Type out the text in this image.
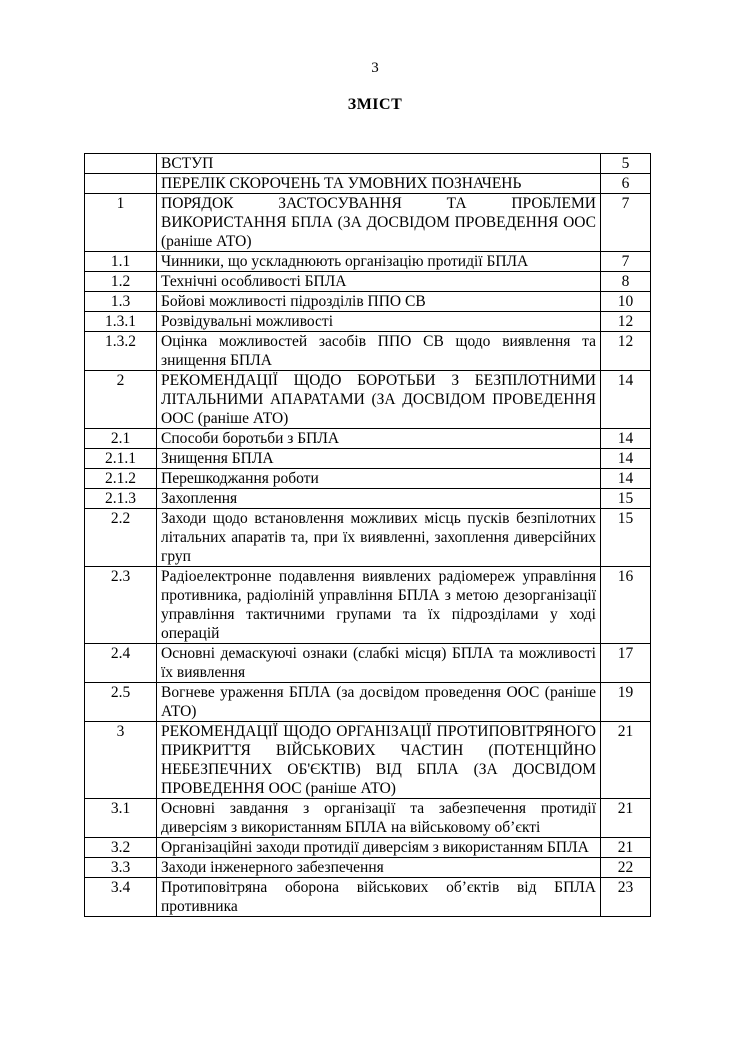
3
ЗМІСТ
	ВСТУП	5
	ПЕРЕЛІК СКОРОЧЕНЬ ТА УМОВНИХ ПОЗНАЧЕНЬ	6
1	ПОРЯДОК ЗАСТОСУВАННЯ ТА ПРОБЛЕМИ ВИКОРИСТАННЯ БПЛА (ЗА ДОСВІДОМ ПРОВЕДЕННЯ ООС (раніше АТО)	7
1.1	Чинники, що ускладнюють організацію протидії БПЛА	7
1.2	Технічні особливості БПЛА	8
1.3	Бойові можливості підрозділів ППО СВ	10
1.3.1	Розвідувальні можливості	12
1.3.2	Оцінка можливостей засобів ППО СВ щодо виявлення та знищення БПЛА	12
2	РЕКОМЕНДАЦІЇ ЩОДО БОРОТЬБИ З БЕЗПІЛОТНИМИ ЛІТАЛЬНИМИ АПАРАТАМИ (ЗА ДОСВІДОМ ПРОВЕДЕННЯ ООС (раніше АТО)	14
2.1	Способи боротьби з БПЛА	14
2.1.1	Знищення БПЛА	14
2.1.2	Перешкоджання роботи	14
2.1.3	Захоплення	15
2.2	Заходи щодо встановлення можливих місць пусків безпілотних літальних апаратів та, при їх виявленні, захоплення диверсійних груп	15
2.3	Радіоелектронне подавлення виявлених радіомереж управління противника, радіоліній управління БПЛА з метою дезорганізації управління тактичними групами та їх підрозділами у ході операцій	16
2.4	Основні демаскуючі ознаки (слабкі місця) БПЛА та можливості їх виявлення	17
2.5	Вогневе ураження БПЛА (за досвідом проведення ООС (раніше АТО)	19
3	РЕКОМЕНДАЦІЇ ЩОДО ОРГАНІЗАЦІЇ ПРОТИПОВІТРЯНОГО ПРИКРИТТЯ ВІЙСЬКОВИХ ЧАСТИН (ПОТЕНЦІЙНО НЕБЕЗПЕЧНИХ ОБ'ЄКТІВ) ВІД БПЛА (ЗА ДОСВІДОМ ПРОВЕДЕННЯ ООС (раніше АТО)	21
3.1	Основні завдання з організації та забезпечення протидії диверсіям з використанням БПЛА на військовому об’єкті	21
3.2	Організаційні заходи протидії диверсіям з використанням БПЛА	21
3.3	Заходи інженерного забезпечення	22
3.4	Протиповітряна оборона військових об’єктів від БПЛА противника	23
